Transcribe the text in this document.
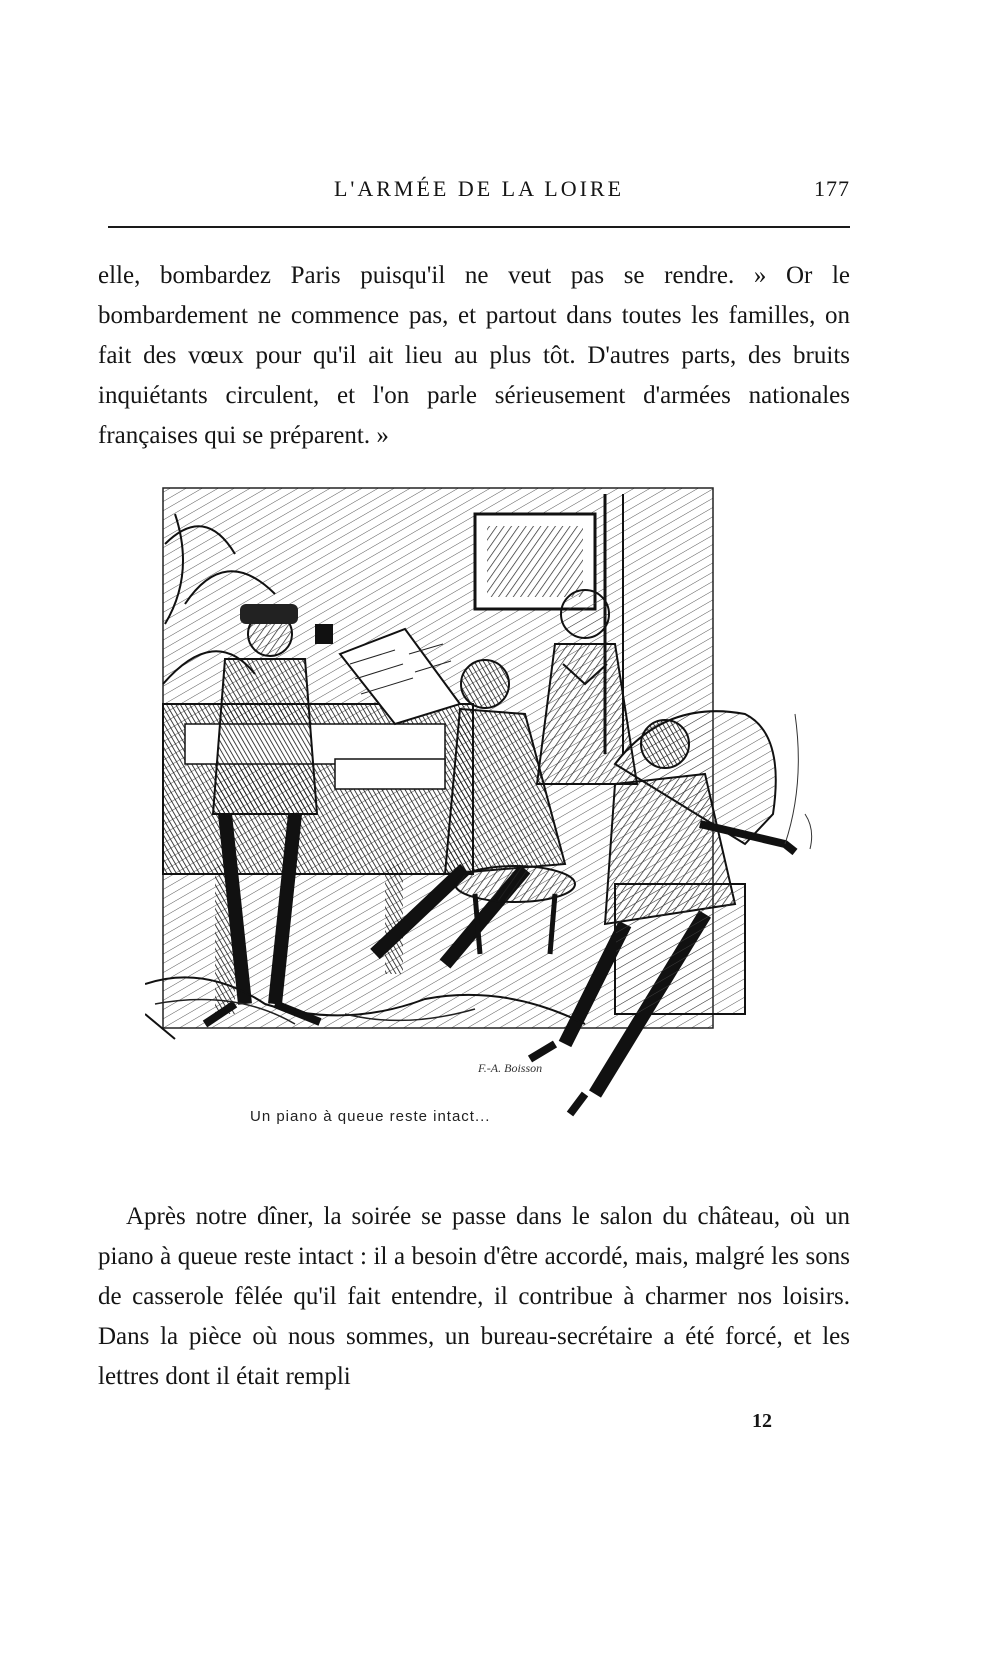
L'ARMÉE DE LA LOIRE	177

elle, bombardez Paris puisqu'il ne veut pas se rendre. » Or le bombardement ne commence pas, et partout dans toutes les familles, on fait des vœux pour qu'il ait lieu au plus tôt. D'autres parts, des bruits inquiétants circulent, et l'on parle sérieusement d'armées nationales françaises qui se préparent. »

F.-A. Boisson
Un piano à queue reste intact...

Après notre dîner, la soirée se passe dans le salon du château, où un piano à queue reste intact : il a besoin d'être accordé, mais, malgré les sons de casserole fêlée qu'il fait entendre, il contribue à charmer nos loisirs. Dans la pièce où nous sommes, un bureau-secrétaire a été forcé, et les lettres dont il était rempli

12
